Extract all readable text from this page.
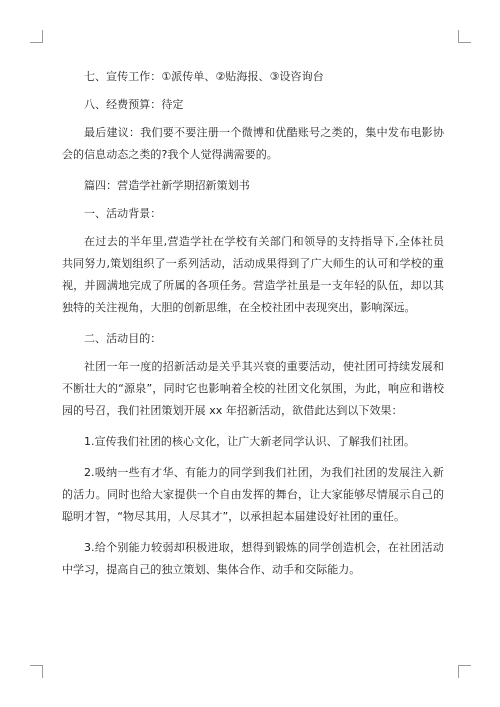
七、宣传工作：①派传单、②贴海报、③设咨询台

八、经费预算：待定

最后建议：我们要不要注册一个微博和优酷账号之类的，集中发布电影协会的信息动态之类的?我个人觉得满需要的。

篇四：营造学社新学期招新策划书

一、活动背景：

在过去的半年里,营造学社在学校有关部门和领导的支持指导下,全体社员共同努力,策划组织了一系列活动，活动成果得到了广大师生的认可和学校的重视，并圆满地完成了所属的各项任务。营造学社虽是一支年轻的队伍，却以其独特的关注视角，大胆的创新思维，在全校社团中表现突出，影响深远。

二、活动目的：

社团一年一度的招新活动是关乎其兴衰的重要活动，使社团可持续发展和不断壮大的“源泉”，同时它也影响着全校的社团文化氛围，为此，响应和谐校园的号召，我们社团策划开展 xx 年招新活动，欲借此达到以下效果：

1.宣传我们社团的核心文化，让广大新老同学认识、了解我们社团。

2.吸纳一些有才华、有能力的同学到我们社团，为我们社团的发展注入新的活力。同时也给大家提供一个自由发挥的舞台，让大家能够尽情展示自己的聪明才智，“物尽其用，人尽其才”，以承担起本届建设好社团的重任。

3.给个别能力较弱却积极进取，想得到锻炼的同学创造机会，在社团活动中学习，提高自己的独立策划、集体合作、动手和交际能力。
